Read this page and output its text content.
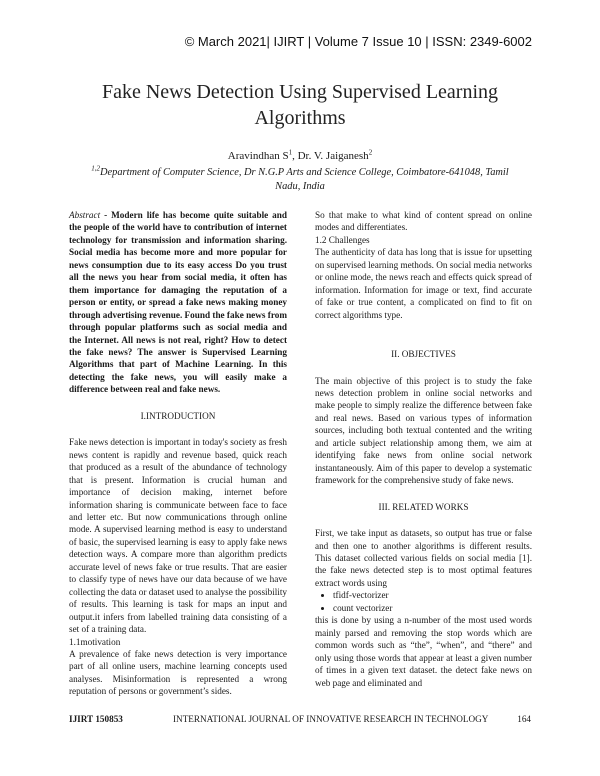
© March 2021| IJIRT | Volume 7 Issue 10 | ISSN: 2349-6002
Fake News Detection Using Supervised Learning Algorithms
Aravindhan $S^1$, Dr. V. Jaiganesh$^2$
$^{1,2}$Department of Computer Science, Dr N.G.P Arts and Science College, Coimbatore-641048, Tamil Nadu, India

Abstract - Modern life has become quite suitable and the people of the world have to contribution of internet technology for transmission and information sharing. Social media has become more and more popular for news consumption due to its easy access Do you trust all the news you hear from social media, it often has them importance for damaging the reputation of a person or entity, or spread a fake news making money through advertising revenue. Found the fake news from through popular platforms such as social media and the Internet. All news is not real, right? How to detect the fake news? The answer is Supervised Learning Algorithms that part of Machine Learning. In this detecting the fake news, you will easily make a difference between real and fake news.

I.INTRODUCTION

Fake news detection is important in today's society as fresh news content is rapidly and revenue based, quick reach that produced as a result of the abundance of technology that is present. Information is crucial human and importance of decision making, internet before information sharing is communicate between face to face and letter etc. But now communications through online mode. A supervised learning method is easy to understand of basic, the supervised learning is easy to apply fake news detection ways. A compare more than algorithm predicts accurate level of news fake or true results. That are easier to classify type of news have our data because of we have collecting the data or dataset used to analyse the possibility of results. This learning is task for maps an input and output.it infers from labelled training data consisting of a set of a training data.

1.1motivation

A prevalence of fake news detection is very importance part of all online users, machine learning concepts used analyses. Misinformation is represented a wrong reputation of persons or government’s sides.

So that make to what kind of content spread on online modes and differentiates.

1.2 Challenges

The authenticity of data has long that is issue for upsetting on supervised learning methods. On social media networks or online mode, the news reach and effects quick spread of information. Information for image or text, find accurate of fake or true content, a complicated on find to fit on correct algorithms type.

II. OBJECTIVES

The main objective of this project is to study the fake news detection problem in online social networks and make people to simply realize the difference between fake and real news. Based on various types of information sources, including both textual contented and the writing and article subject relationship among them, we aim at identifying fake news from online social network instantaneously. Aim of this paper to develop a systematic framework for the comprehensive study of fake news.

III. RELATED WORKS

First, we take input as datasets, so output has true or false and then one to another algorithms is different results. This dataset collected various fields on social media [1]. the fake news detected step is to most optimal features extract words using

• tfidf-vectorizer
• count vectorizer

this is done by using a n-number of the most used words mainly parsed and removing the stop words which are common words such as “the”, “when”, and “there” and only using those words that appear at least a given number of times in a given text dataset. the detect fake news on web page and eliminated and

IJIRT 150853	INTERNATIONAL JOURNAL OF INNOVATIVE RESEARCH IN TECHNOLOGY	164
